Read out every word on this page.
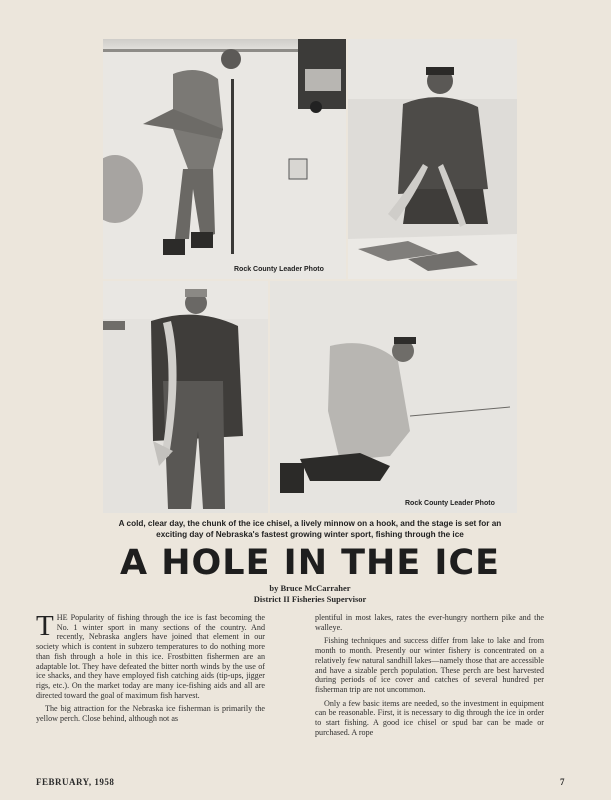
Rock County Leader Photo
Rock County Leader Photo
A cold, clear day, the chunk of the ice chisel, a lively minnow on a hook, and the stage is set for an exciting day of Nebraska's fastest growing winter sport, fishing through the ice
A HOLE IN THE ICE
by Bruce McCarraher
District II Fisheries Supervisor

THE Popularity of fishing through the ice is fast becoming the No. 1 winter sport in many sections of the country. And recently, Nebraska anglers have joined that element in our society which is content in subzero temperatures to do nothing more than fish through a hole in this ice. Frostbitten fishermen are an adaptable lot. They have defeated the bitter north winds by the use of ice shacks, and they have employed fish catching aids (tip-ups, jigger rigs, etc.). On the market today are many ice-fishing aids and all are directed toward the goal of maximum fish harvest.

The big attraction for the Nebraska ice fisherman is primarily the yellow perch. Close behind, although not as

plentiful in most lakes, rates the ever-hungry northern pike and the walleye.

Fishing techniques and success differ from lake to lake and from month to month. Presently our winter fishery is concentrated on a relatively few natural sandhill lakes—namely those that are accessible and have a sizable perch population. These perch are best harvested during periods of ice cover and catches of several hundred per fisherman trip are not uncommon.

Only a few basic items are needed, so the investment in equipment can be reasonable. First, it is necessary to dig through the ice in order to start fishing. A good ice chisel or spud bar can be made or purchased. A rope

FEBRUARY, 1958	7
